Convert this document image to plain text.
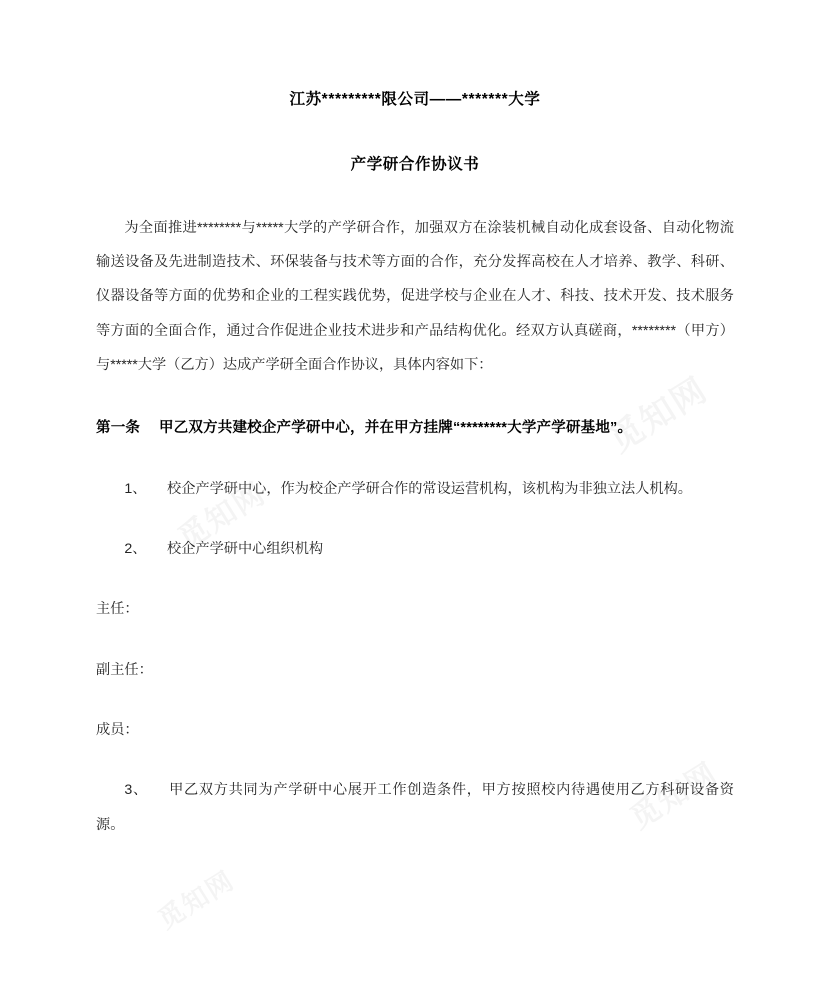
江苏*********限公司——*******大学
产学研合作协议书

为全面推进********与*****大学的产学研合作，加强双方在涂装机械自动化成套设备、自动化物流输送设备及先进制造技术、环保装备与技术等方面的合作，充分发挥高校在人才培养、教学、科研、仪器设备等方面的优势和企业的工程实践优势，促进学校与企业在人才、科技、技术开发、技术服务等方面的全面合作，通过合作促进企业技术进步和产品结构优化。经双方认真磋商，********（甲方）与*****大学（乙方）达成产学研全面合作协议，具体内容如下：

第一条 甲乙双方共建校企产学研中心，并在甲方挂牌“********大学产学研基地”。

1、 校企产学研中心，作为校企产学研合作的常设运营机构，该机构为非独立法人机构。

2、 校企产学研中心组织机构

主任：

副主任：

成员：

3、 甲乙双方共同为产学研中心展开工作创造条件，甲方按照校内待遇使用乙方科研设备资源。
